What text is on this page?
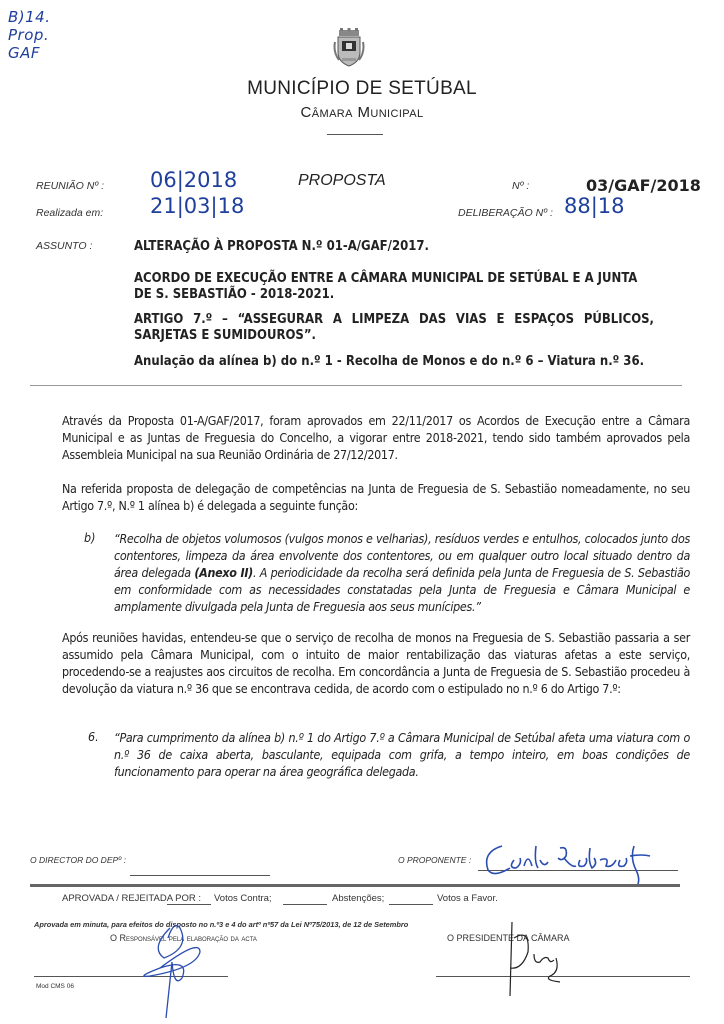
B)14.
Prop.
GAF
MUNICÍPIO DE SETÚBAL
Câmara Municipal
REUNIÃO Nº : 06|2018	PROPOSTA	Nº :	03/GAF/2018
Realizada em: 21|03|18	DELIBERAÇÃO Nº : 88|18
ASSUNTO :	ALTERAÇÃO À PROPOSTA N.º 01-A/GAF/2017.
ACORDO DE EXECUÇÃO ENTRE A CÂMARA MUNICIPAL DE SETÚBAL E A JUNTA DE S. SEBASTIÃO - 2018-2021.
ARTIGO 7.º – “ASSEGURAR A LIMPEZA DAS VIAS E ESPAÇOS PÚBLICOS, SARJETAS E SUMIDOUROS”.
Anulação da alínea b) do n.º 1 - Recolha de Monos e do n.º 6 – Viatura n.º 36.
Através da Proposta 01-A/GAF/2017, foram aprovados em 22/11/2017 os Acordos de Execução entre a Câmara Municipal e as Juntas de Freguesia do Concelho, a vigorar entre 2018-2021, tendo sido também aprovados pela Assembleia Municipal na sua Reunião Ordinária de 27/12/2017.
Na referida proposta de delegação de competências na Junta de Freguesia de S. Sebastião nomeadamente, no seu Artigo 7.º, N.º 1 alínea b) é delegada a seguinte função:
b) “Recolha de objetos volumosos (vulgos monos e velharias), resíduos verdes e entulhos, colocados junto dos contentores, limpeza da área envolvente dos contentores, ou em qualquer outro local situado dentro da área delegada (Anexo II). A periodicidade da recolha será definida pela Junta de Freguesia de S. Sebastião em conformidade com as necessidades constatadas pela Junta de Freguesia e Câmara Municipal e amplamente divulgada pela Junta de Freguesia aos seus munícipes.”
Após reuniões havidas, entendeu-se que o serviço de recolha de monos na Freguesia de S. Sebastião passaria a ser assumido pela Câmara Municipal, com o intuito de maior rentabilização das viaturas afetas a este serviço, procedendo-se a reajustes aos circuitos de recolha. Em concordância a Junta de Freguesia de S. Sebastião procedeu à devolução da viatura n.º 36 que se encontrava cedida, de acordo com o estipulado no n.º 6 do Artigo 7.º:
6. “Para cumprimento da alínea b) n.º 1 do Artigo 7.º a Câmara Municipal de Setúbal afeta uma viatura com o n.º 36 de caixa aberta, basculante, equipada com grifa, a tempo inteiro, em boas condições de funcionamento para operar na área geográfica delegada.
O DIRECTOR DO DEPº :	O PROPONENTE :
APROVADA / REJEITADA POR : Votos Contra;	Abstenções;	Votos a Favor.
Aprovada em minuta, para efeitos do disposto no n.º3 e 4 do artº nº57 da Lei Nº75/2013, de 12 de Setembro
O Responsável pela elaboração da acta	O PRESIDENTE DA CÂMARA
Mod CMS 06
